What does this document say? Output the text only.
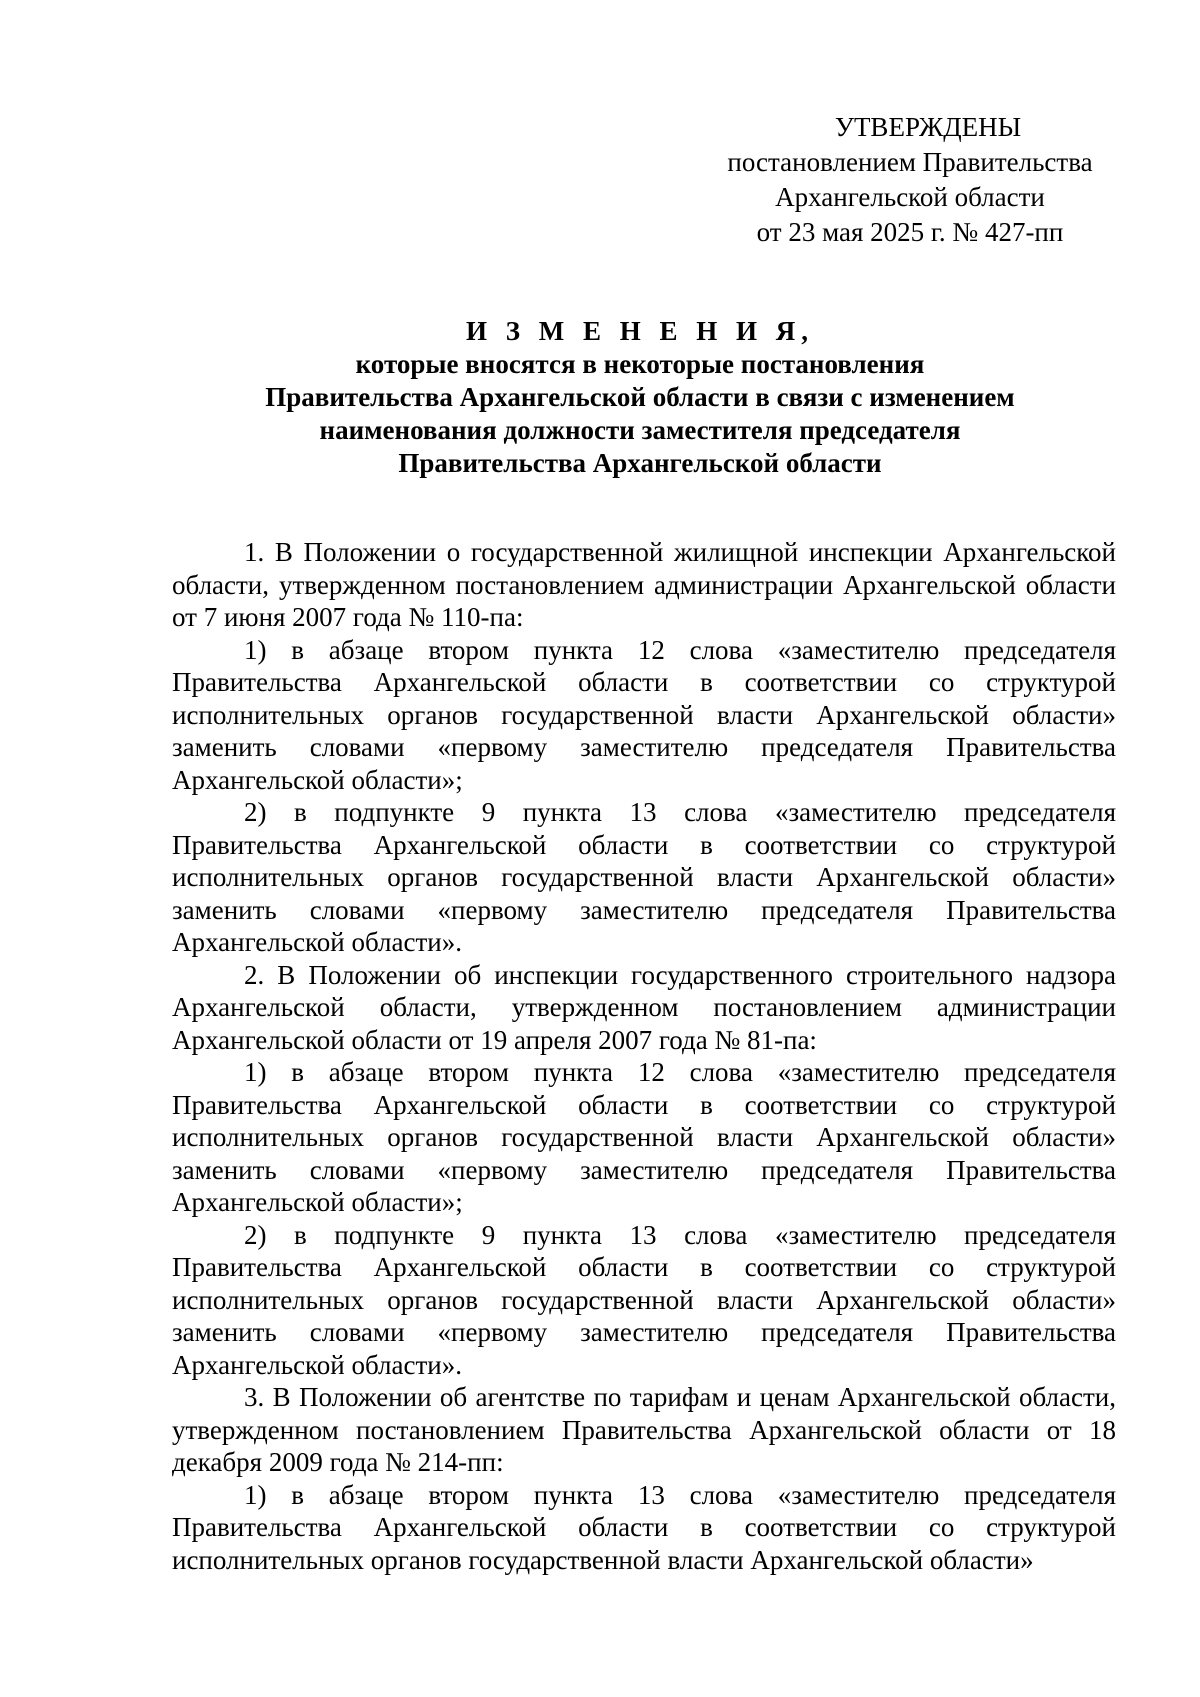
УТВЕРЖДЕНЫ
постановлением Правительства
Архангельской области
от 23 мая 2025 г. № 427-пп
И З М Е Н Е Н И Я,
которые вносятся в некоторые постановления
Правительства Архангельской области в связи с изменением
наименования должности заместителя председателя
Правительства Архангельской области

1. В Положении о государственной жилищной инспекции Архангельской области, утвержденном постановлением администрации Архангельской области от 7 июня 2007 года № 110-па:

1) в абзаце втором пункта 12 слова «заместителю председателя Правительства Архангельской области в соответствии со структурой исполнительных органов государственной власти Архангельской области» заменить словами «первому заместителю председателя Правительства Архангельской области»;

2) в подпункте 9 пункта 13 слова «заместителю председателя Правительства Архангельской области в соответствии со структурой исполнительных органов государственной власти Архангельской области» заменить словами «первому заместителю председателя Правительства Архангельской области».

2. В Положении об инспекции государственного строительного надзора Архангельской области, утвержденном постановлением администрации Архангельской области от 19 апреля 2007 года № 81-па:

1) в абзаце втором пункта 12 слова «заместителю председателя Правительства Архангельской области в соответствии со структурой исполнительных органов государственной власти Архангельской области» заменить словами «первому заместителю председателя Правительства Архангельской области»;

2) в подпункте 9 пункта 13 слова «заместителю председателя Правительства Архангельской области в соответствии со структурой исполнительных органов государственной власти Архангельской области» заменить словами «первому заместителю председателя Правительства Архангельской области».

3. В Положении об агентстве по тарифам и ценам Архангельской области, утвержденном постановлением Правительства Архангельской области от 18 декабря 2009 года № 214-пп:

1) в абзаце втором пункта 13 слова «заместителю председателя Правительства Архангельской области в соответствии со структурой исполнительных органов государственной власти Архангельской области»
